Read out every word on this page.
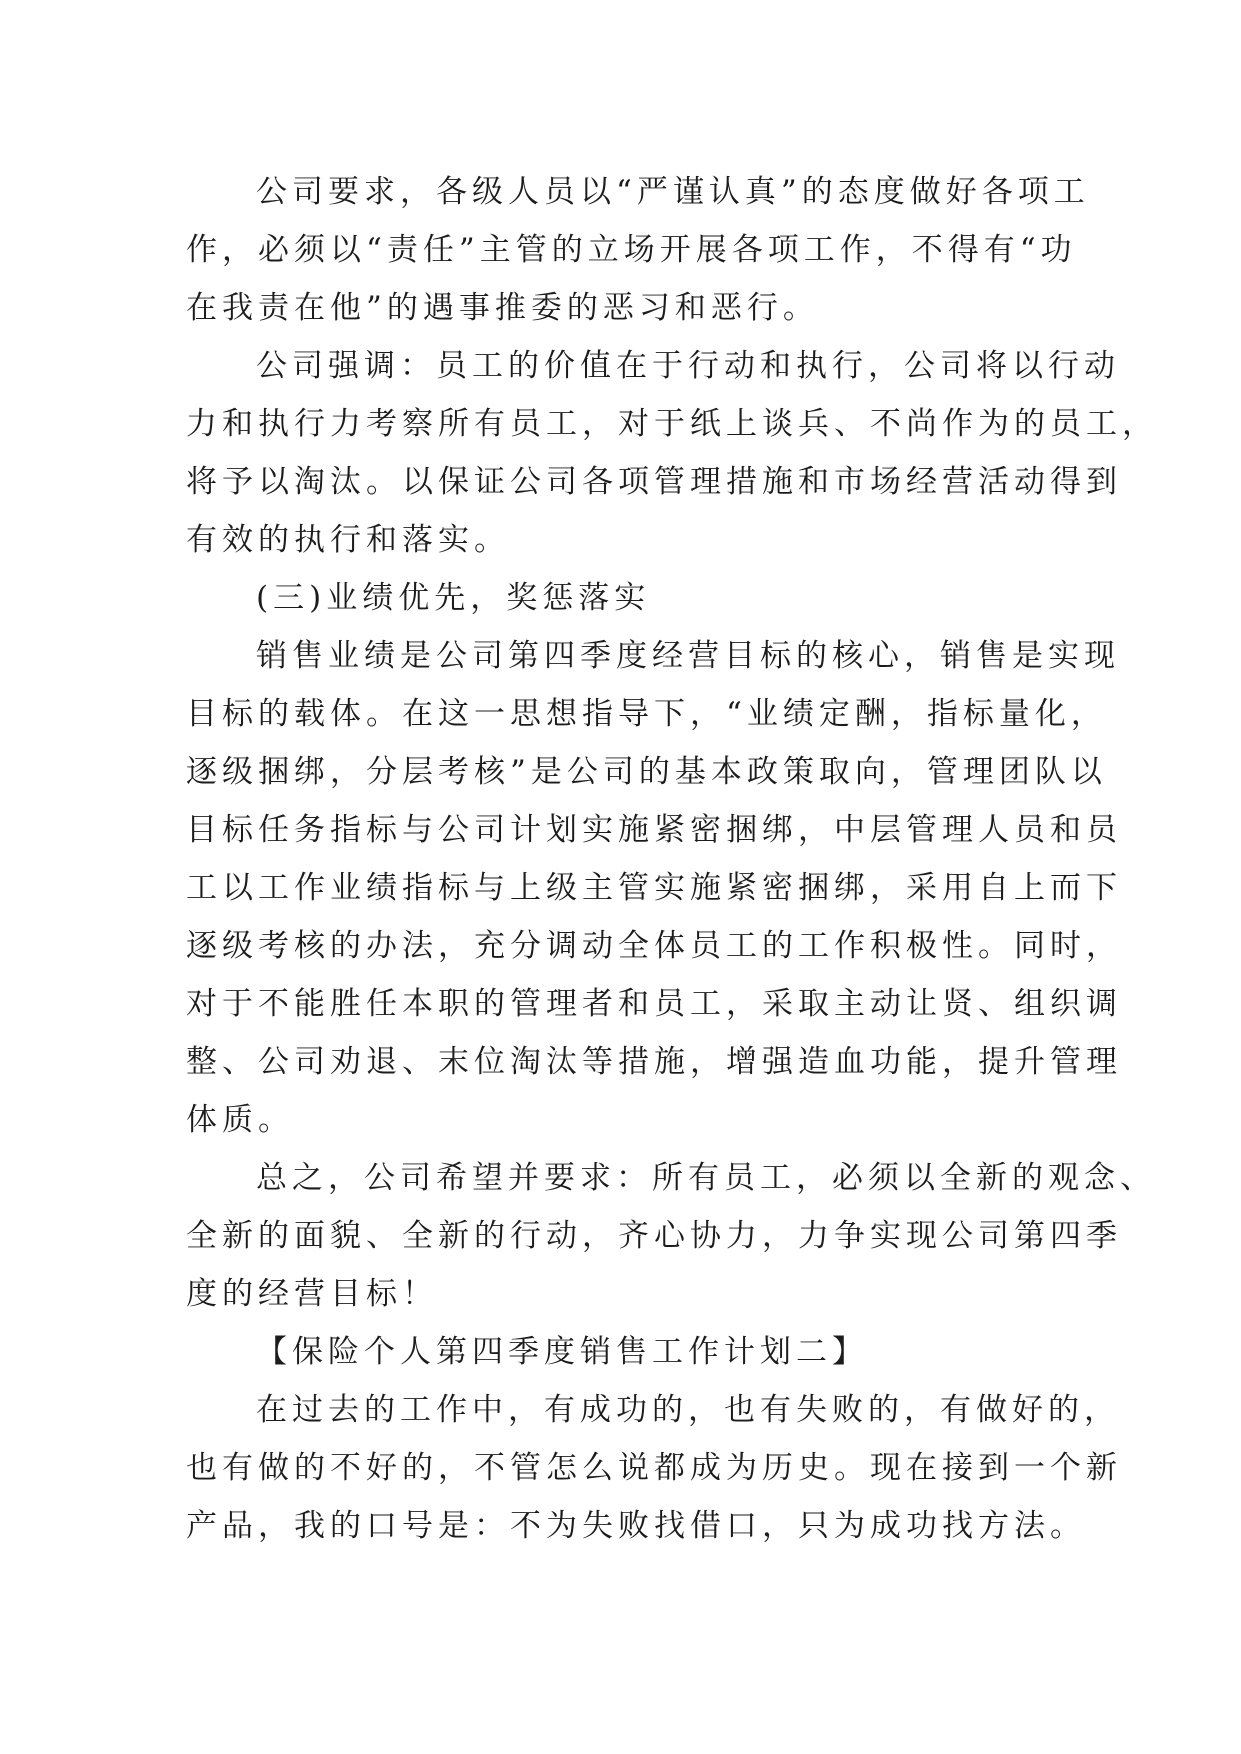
公司要求，各级人员以“严谨认真”的态度做好各项工
作，必须以“责任”主管的立场开展各项工作，不得有“功
在我责在他”的遇事推委的恶习和恶行。
公司强调：员工的价值在于行动和执行，公司将以行动
力和执行力考察所有员工，对于纸上谈兵、不尚作为的员工，
将予以淘汰。以保证公司各项管理措施和市场经营活动得到
有效的执行和落实。
(三)业绩优先，奖惩落实
销售业绩是公司第四季度经营目标的核心，销售是实现
目标的载体。在这一思想指导下，“业绩定酬，指标量化，
逐级捆绑，分层考核”是公司的基本政策取向，管理团队以
目标任务指标与公司计划实施紧密捆绑，中层管理人员和员
工以工作业绩指标与上级主管实施紧密捆绑，采用自上而下
逐级考核的办法，充分调动全体员工的工作积极性。同时，
对于不能胜任本职的管理者和员工，采取主动让贤、组织调
整、公司劝退、末位淘汰等措施，增强造血功能，提升管理
体质。
总之，公司希望并要求：所有员工，必须以全新的观念、
全新的面貌、全新的行动，齐心协力，力争实现公司第四季
度的经营目标！
【保险个人第四季度销售工作计划二】
在过去的工作中，有成功的，也有失败的，有做好的，
也有做的不好的，不管怎么说都成为历史。现在接到一个新
产品，我的口号是：不为失败找借口，只为成功找方法。
